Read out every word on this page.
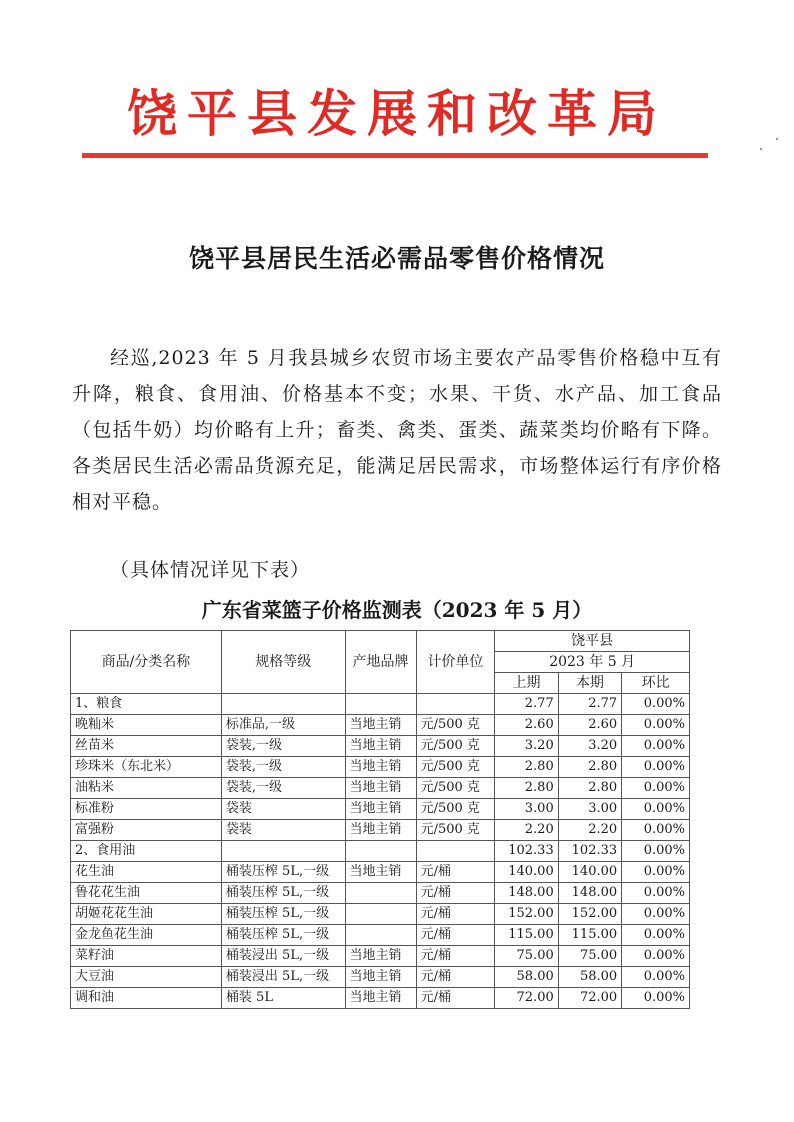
饶平县发展和改革局
饶平县居民生活必需品零售价格情况

经巡,2023 年 5 月我县城乡农贸市场主要农产品零售价格稳中互有升降，粮食、食用油、价格基本不变；水果、干货、水产品、加工食品（包括牛奶）均价略有上升；畜类、禽类、蛋类、蔬菜类均价略有下降。各类居民生活必需品货源充足，能满足居民需求，市场整体运行有序价格相对平稳。

（具体情况详见下表）
广东省菜篮子价格监测表（2023 年 5 月）
商品/分类名称	规格等级	产地品牌	计价单位	饶平县		
				2023 年 5 月		
				上期	本期	环比
1、粮食				2.77	2.77	0.00%
晚籼米	标准品,一级	当地主销	元/500 克	2.60	2.60	0.00%
丝苗米	袋装,一级	当地主销	元/500 克	3.20	3.20	0.00%
珍珠米（东北米）	袋装,一级	当地主销	元/500 克	2.80	2.80	0.00%
油粘米	袋装,一级	当地主销	元/500 克	2.80	2.80	0.00%
标准粉	袋装	当地主销	元/500 克	3.00	3.00	0.00%
富强粉	袋装	当地主销	元/500 克	2.20	2.20	0.00%
2、食用油				102.33	102.33	0.00%
花生油	桶装压榨 5L,一级	当地主销	元/桶	140.00	140.00	0.00%
鲁花花生油	桶装压榨 5L,一级		元/桶	148.00	148.00	0.00%
胡姬花花生油	桶装压榨 5L,一级		元/桶	152.00	152.00	0.00%
金龙鱼花生油	桶装压榨 5L,一级		元/桶	115.00	115.00	0.00%
菜籽油	桶装浸出 5L,一级	当地主销	元/桶	75.00	75.00	0.00%
大豆油	桶装浸出 5L,一级	当地主销	元/桶	58.00	58.00	0.00%
调和油	桶装 5L	当地主销	元/桶	72.00	72.00	0.00%
